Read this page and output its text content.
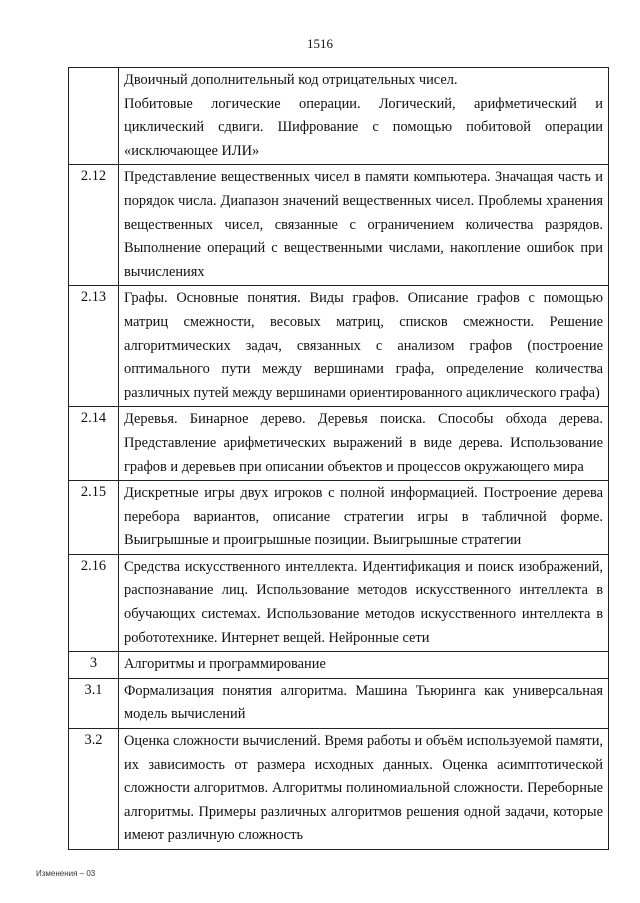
1516

	Двоичный дополнительный код отрицательных чисел.

Побитовые логические операции. Логический, арифметический и циклический сдвиги. Шифрование с помощью побитовой операции «исключающее ИЛИ»

2.12	Представление вещественных чисел в памяти компьютера. Значащая часть и порядок числа. Диапазон значений вещественных чисел. Проблемы хранения вещественных чисел, связанные с ограничением количества разрядов. Выполнение операций с вещественными числами, накопление ошибок при вычислениях

2.13	Графы. Основные понятия. Виды графов. Описание графов с помощью матриц смежности, весовых матриц, списков смежности. Решение алгоритмических задач, связанных с анализом графов (построение оптимального пути между вершинами графа, определение количества различных путей между вершинами ориентированного ациклического графа)

2.14	Деревья. Бинарное дерево. Деревья поиска. Способы обхода дерева. Представление арифметических выражений в виде дерева. Использование графов и деревьев при описании объектов и процессов окружающего мира

2.15	Дискретные игры двух игроков с полной информацией. Построение дерева перебора вариантов, описание стратегии игры в табличной форме. Выигрышные и проигрышные позиции. Выигрышные стратегии

2.16	Средства искусственного интеллекта. Идентификация и поиск изображений, распознавание лиц. Использование методов искусственного интеллекта в обучающих системах. Использование методов искусственного интеллекта в робототехнике. Интернет вещей. Нейронные сети

3	Алгоритмы и программирование

3.1	Формализация понятия алгоритма. Машина Тьюринга как универсальная модель вычислений

3.2	Оценка сложности вычислений. Время работы и объём используемой памяти, их зависимость от размера исходных данных. Оценка асимптотической сложности алгоритмов. Алгоритмы полиномиальной сложности. Переборные алгоритмы. Примеры различных алгоритмов решения одной задачи, которые имеют различную сложность

Изменения – 03
